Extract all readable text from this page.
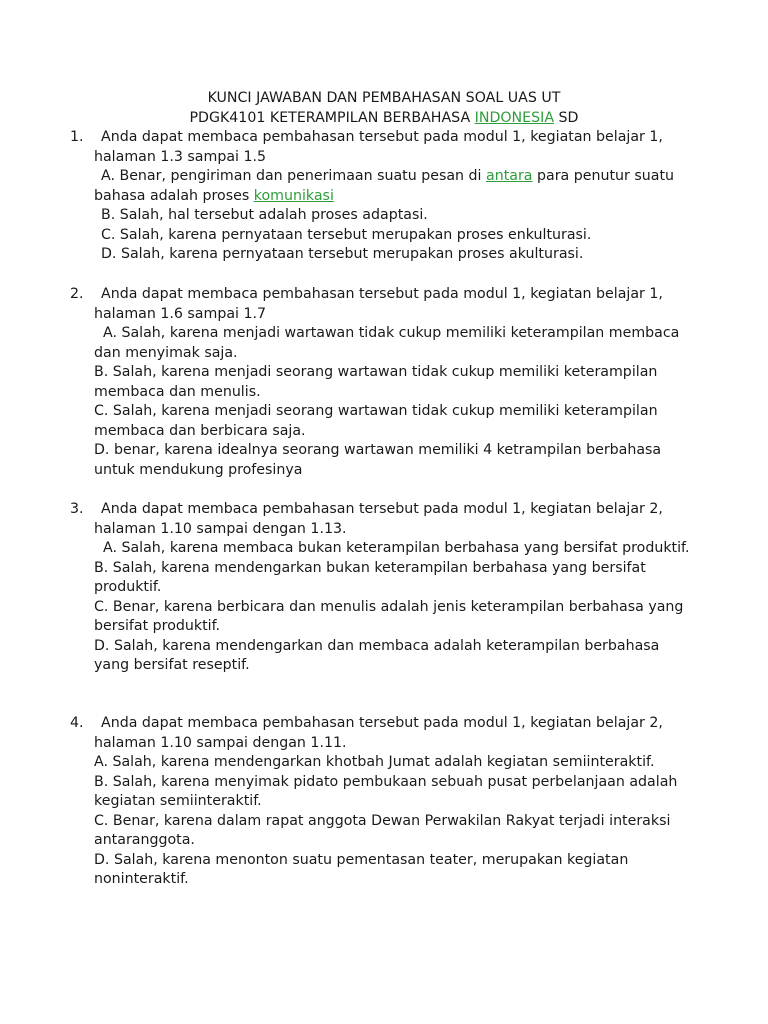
KUNCI JAWABAN DAN PEMBAHASAN SOAL UAS UT
PDGK4101 KETERAMPILAN BERBAHASA INDONESIA SD
1.	Anda dapat membaca pembahasan tersebut pada modul 1, kegiatan belajar 1, halaman 1.3 sampai 1.5

A. Benar, pengiriman dan penerimaan suatu pesan di antara para penutur suatu bahasa adalah proses komunikasi

B. Salah, hal tersebut adalah proses adaptasi.

C. Salah, karena pernyataan tersebut merupakan proses enkulturasi.

D. Salah, karena pernyataan tersebut merupakan proses akulturasi.

2.	Anda dapat membaca pembahasan tersebut pada modul 1, kegiatan belajar 1, halaman 1.6 sampai 1.7

A. Salah, karena menjadi wartawan tidak cukup memiliki keterampilan membaca dan menyimak saja.

B. Salah, karena menjadi seorang wartawan tidak cukup memiliki keterampilan membaca dan menulis.

C. Salah, karena menjadi seorang wartawan tidak cukup memiliki keterampilan membaca dan berbicara saja.

D. benar, karena idealnya seorang wartawan memiliki 4 ketrampilan berbahasa untuk mendukung profesinya

3.	Anda dapat membaca pembahasan tersebut pada modul 1, kegiatan belajar 2, halaman 1.10 sampai dengan 1.13.

A. Salah, karena membaca bukan keterampilan berbahasa yang bersifat produktif.

B. Salah, karena mendengarkan bukan keterampilan berbahasa yang bersifat produktif.

C. Benar, karena berbicara dan menulis adalah jenis keterampilan berbahasa yang bersifat produktif.

D. Salah, karena mendengarkan dan membaca adalah keterampilan berbahasa yang bersifat reseptif.

4.	Anda dapat membaca pembahasan tersebut pada modul 1, kegiatan belajar 2, halaman 1.10 sampai dengan 1.11.

A. Salah, karena mendengarkan khotbah Jumat adalah kegiatan semiinteraktif.

B. Salah, karena menyimak pidato pembukaan sebuah pusat perbelanjaan adalah kegiatan semiinteraktif.

C. Benar, karena dalam rapat anggota Dewan Perwakilan Rakyat terjadi interaksi antaranggota.

D. Salah, karena menonton suatu pementasan teater, merupakan kegiatan noninteraktif.
